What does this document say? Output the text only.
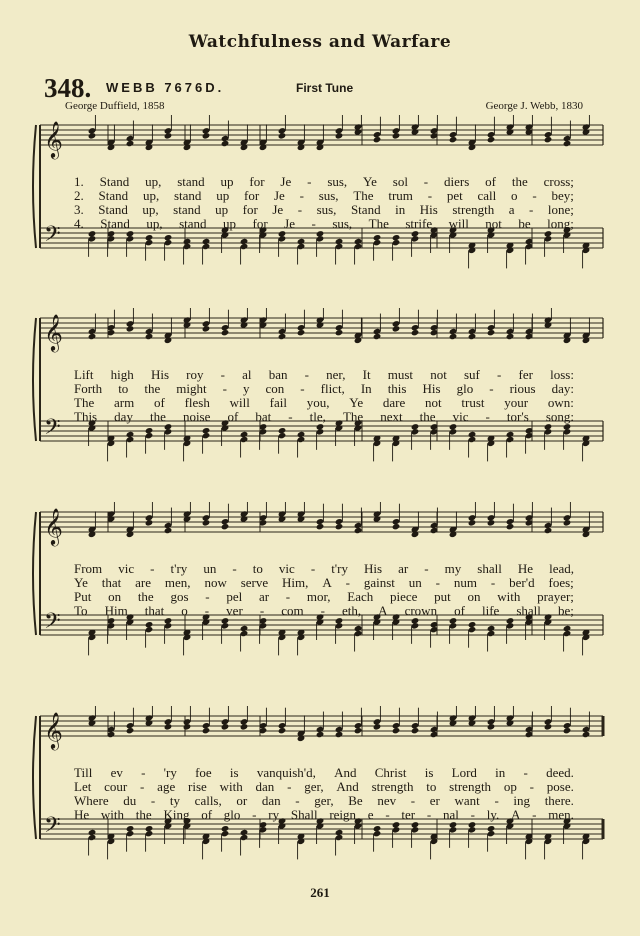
Watchfulness and Warfare
348. WEBB 7676D.	First Tune
George Duffield, 1858	George J. Webb, 1830
𝄞
𝄢
1. Stand up, stand up for Je - sus, Ye sol - diers of the cross;
2. Stand up, stand up for Je - sus, The trum - pet call o - bey;
3. Stand up, stand up for Je - sus, Stand in His strength a - lone;
4. Stand up, stand up for Je - sus, The strife will not be long;
𝄞
𝄢
Lift high His roy - al ban - ner, It must not suf - fer loss:
Forth to the might - y con - flict, In this His glo - rious day:
The arm of flesh will fail you, Ye dare not trust your own:
This day the noise of bat - tle, The next the vic - tor's song:
𝄞
𝄢
From vic - t'ry un - to vic - t'ry His ar - my shall He lead,
Ye that are men, now serve Him, A - gainst un - num - ber'd foes;
Put on the gos - pel ar - mor, Each piece put on with prayer;
To Him that o - ver - com - eth, A crown of life shall be;
𝄞
𝄢
Till ev - 'ry foe is vanquish'd, And Christ is Lord in - deed.
Let cour - age rise with dan - ger, And strength to strength op - pose.
Where du - ty calls, or dan - ger, Be nev - er want - ing there.
He with the King of glo - ry Shall reign e - ter - nal - ly. A - men.
261
